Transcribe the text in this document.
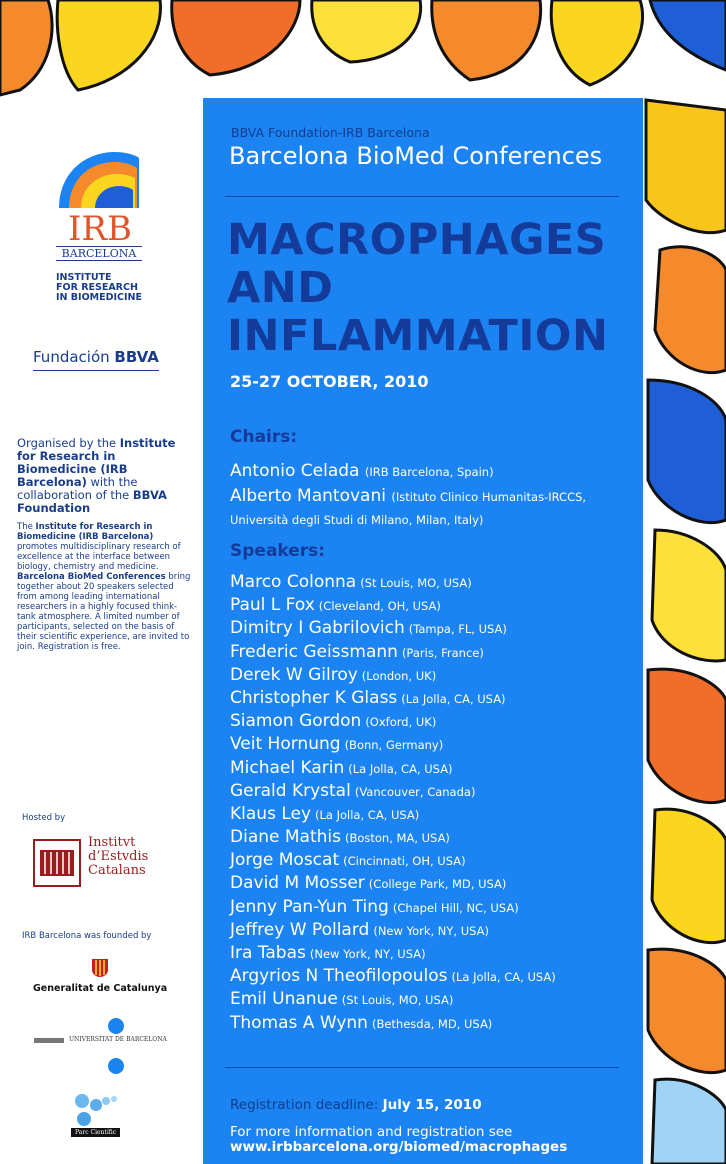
IRB
BARCELONA
INSTITUTE
FOR RESEARCH
IN BIOMEDICINE
Fundación BBVA
Organised by the Institute for Research in Biomedicine (IRB Barcelona) with the collaboration of the BBVA Foundation
The Institute for Research in Biomedicine (IRB Barcelona) promotes multidisciplinary research of excellence at the interface between biology, chemistry and medicine. Barcelona BioMed Conferences bring together about 20 speakers selected from among leading international researchers in a highly focused think-tank atmosphere. A limited number of participants, selected on the basis of their scientific experience, are invited to join. Registration is free.
Hosted by
Institvt
d’Estvdis
Catalans
IRB Barcelona was founded by
Generalitat de Catalunya
UNIVERSITAT DE BARCELONA
Parc Científic

BBVA Foundation-IRB Barcelona

Barcelona BioMed Conferences

MACROPHAGES
AND
INFLAMMATION

25-27 OCTOBER, 2010

Chairs:
Antonio Celada (IRB Barcelona, Spain)
Alberto Mantovani (Istituto Clinico Humanitas-IRCCS, Università degli Studi di Milano, Milan, Italy)
Speakers:
Marco Colonna (St Louis, MO, USA)
Paul L Fox (Cleveland, OH, USA)
Dimitry I Gabrilovich (Tampa, FL, USA)
Frederic Geissmann (Paris, France)
Derek W Gilroy (London, UK)
Christopher K Glass (La Jolla, CA, USA)
Siamon Gordon (Oxford, UK)
Veit Hornung (Bonn, Germany)
Michael Karin (La Jolla, CA, USA)
Gerald Krystal (Vancouver, Canada)
Klaus Ley (La Jolla, CA, USA)
Diane Mathis (Boston, MA, USA)
Jorge Moscat (Cincinnati, OH, USA)
David M Mosser (College Park, MD, USA)
Jenny Pan-Yun Ting (Chapel Hill, NC, USA)
Jeffrey W Pollard (New York, NY, USA)
Ira Tabas (New York, NY, USA)
Argyrios N Theofilopoulos (La Jolla, CA, USA)
Emil Unanue (St Louis, MO, USA)
Thomas A Wynn (Bethesda, MD, USA)

Registration deadline: July 15, 2010

For more information and registration see
www.irbbarcelona.org/biomed/macrophages
